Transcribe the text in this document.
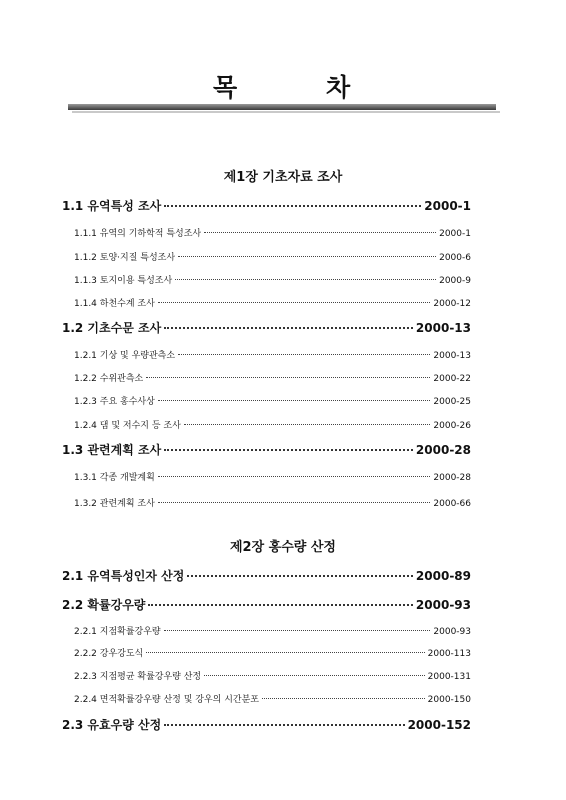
목	차
제1장 기초자료 조사
1.1 유역특성 조사	2000-1
1.1.1 유역의 기하학적 특성조사	2000-1
1.1.2 토양·지질 특성조사	2000-6
1.1.3 토지이용 특성조사	2000-9
1.1.4 하천수계 조사	2000-12
1.2 기초수문 조사	2000-13
1.2.1 기상 및 우량관측소	2000-13
1.2.2 수위관측소	2000-22
1.2.3 주요 홍수사상	2000-25
1.2.4 댐 및 저수지 등 조사	2000-26
1.3 관련계획 조사	2000-28
1.3.1 각종 개발계획	2000-28
1.3.2 관련계획 조사	2000-66
제2장 홍수량 산정
2.1 유역특성인자 산정	2000-89
2.2 확률강우량	2000-93
2.2.1 지점확률강우량	2000-93
2.2.2 강우강도식	2000-113
2.2.3 지점평균 확률강우량 산정	2000-131
2.2.4 면적확률강우량 산정 및 강우의 시간분포	2000-150
2.3 유효우량 산정	2000-152
